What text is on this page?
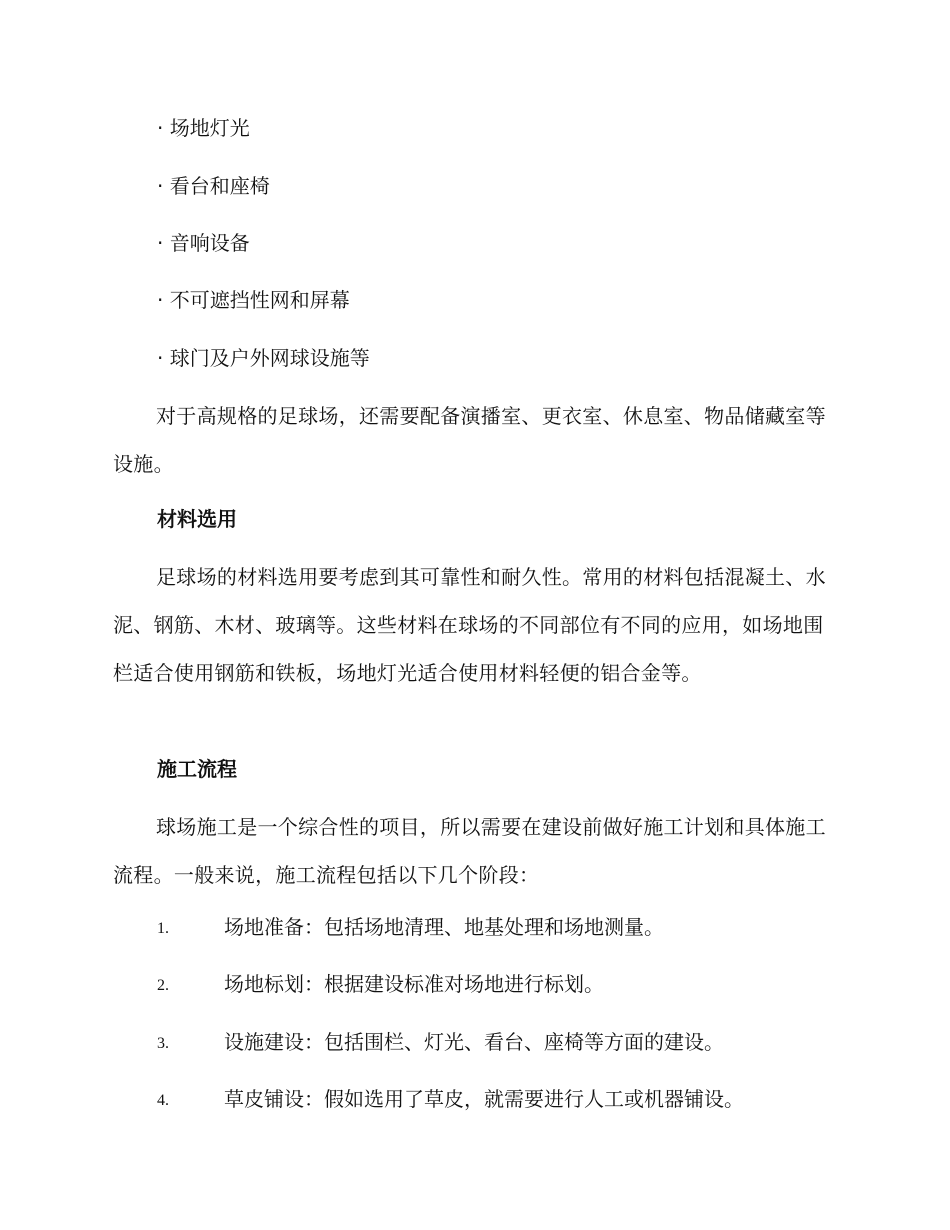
· 场地灯光
· 看台和座椅
· 音响设备
· 不可遮挡性网和屏幕
· 球门及户外网球设施等

对于高规格的足球场，还需要配备演播室、更衣室、休息室、物品储藏室等设施。

材料选用

足球场的材料选用要考虑到其可靠性和耐久性。常用的材料包括混凝土、水泥、钢筋、木材、玻璃等。这些材料在球场的不同部位有不同的应用，如场地围栏适合使用钢筋和铁板，场地灯光适合使用材料轻便的铝合金等。

施工流程

球场施工是一个综合性的项目，所以需要在建设前做好施工计划和具体施工流程。一般来说，施工流程包括以下几个阶段：

1.	场地准备：包括场地清理、地基处理和场地测量。
2.	场地标划：根据建设标准对场地进行标划。
3.	设施建设：包括围栏、灯光、看台、座椅等方面的建设。
4.	草皮铺设：假如选用了草皮，就需要进行人工或机器铺设。
